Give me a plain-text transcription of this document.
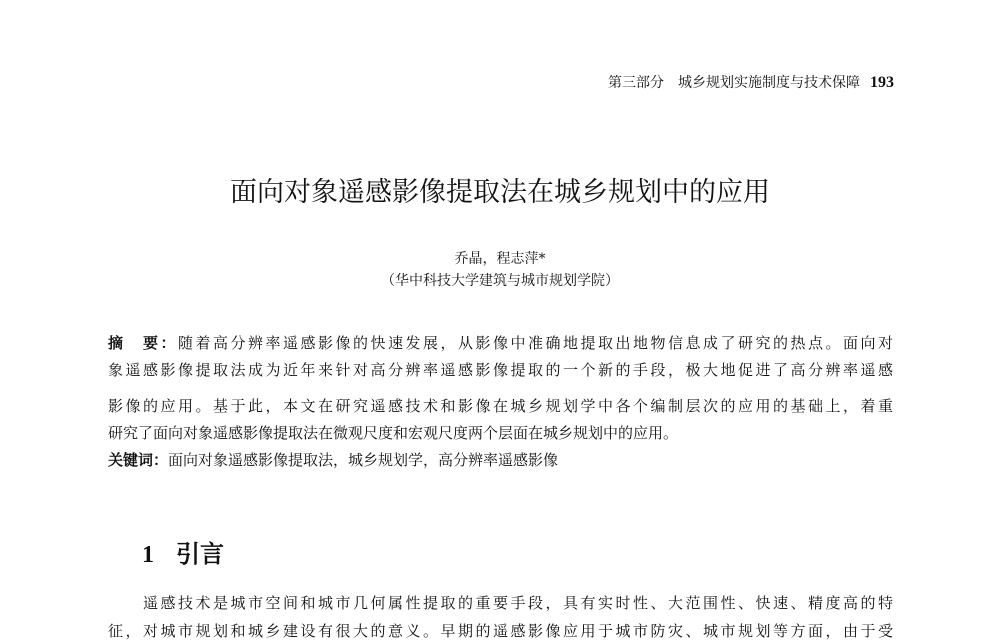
第三部分　城乡规划实施制度与技术保障 193
面向对象遥感影像提取法在城乡规划中的应用
乔晶，程志萍*
（华中科技大学建筑与城市规划学院）
摘　要：随着高分辨率遥感影像的快速发展，从影像中准确地提取出地物信息成了研究的热点。面向对
象遥感影像提取法成为近年来针对高分辨率遥感影像提取的一个新的手段，极大地促进了高分辨率遥感
影像的应用。基于此，本文在研究遥感技术和影像在城乡规划学中各个编制层次的应用的基础上，着重
研究了面向对象遥感影像提取法在微观尺度和宏观尺度两个层面在城乡规划中的应用。
关键词：面向对象遥感影像提取法，城乡规划学，高分辨率遥感影像
1 引言
　　遥感技术是城市空间和城市几何属性提取的重要手段，具有实时性、大范围性、快速、精度高的特
征，对城市规划和城乡建设有很大的意义。早期的遥感影像应用于城市防灾、城市规划等方面，由于受
